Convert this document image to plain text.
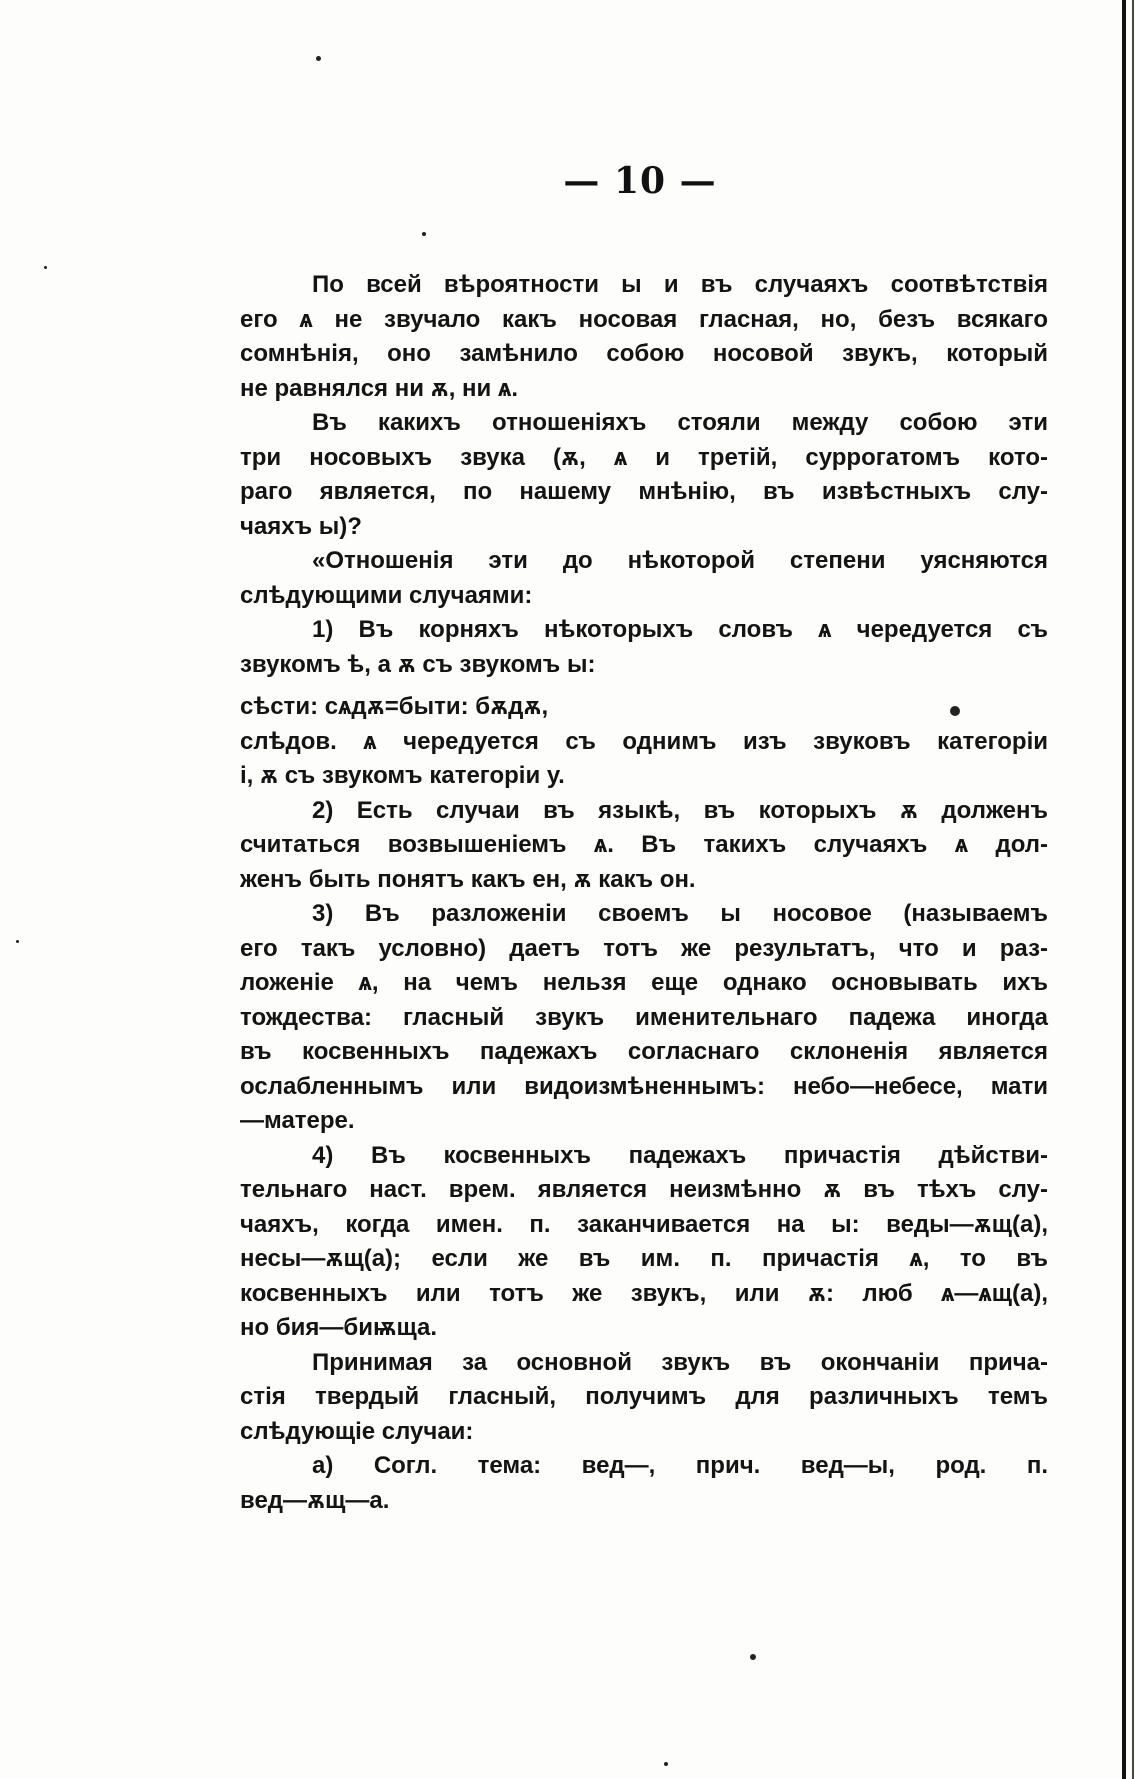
— 10 —
По всей вѣроятности ы и въ случаяхъ соотвѣтствія
его ѧ не звучало какъ носовая гласная, но, безъ всякаго
сомнѣнія, оно замѣнило собою носовой звукъ, который
не равнялся ни ѫ, ни ѧ.
Въ какихъ отношеніяхъ стояли между собою эти
три носовыхъ звука (ѫ, ѧ и третій, суррогатомъ кото-
раго является, по нашему мнѣнію, въ извѣстныхъ слу-
чаяхъ ы)?
«Отношенія эти до нѣкоторой степени уясняются
слѣдующими случаями:
1) Въ корняхъ нѣкоторыхъ словъ ѧ чередуется съ
звукомъ ѣ, а ѫ съ звукомъ ы:
сѣсти: сѧдѫ=быти: бѫдѫ,
слѣдов. ѧ чередуется съ однимъ изъ звуковъ категоріи
і, ѫ съ звукомъ категоріи у.
2) Есть случаи въ языкѣ, въ которыхъ ѫ долженъ
считаться возвышеніемъ ѧ. Въ такихъ случаяхъ ѧ дол-
женъ быть понятъ какъ ен, ѫ какъ он.
3) Въ разложеніи своемъ ы носовое (называемъ
его такъ условно) даетъ тотъ же результатъ, что и раз-
ложеніе ѧ, на чемъ нельзя еще однако основывать ихъ
тождества: гласный звукъ именительнаго падежа иногда
въ косвенныхъ падежахъ согласнаго склоненія является
ослабленнымъ или видоизмѣненнымъ: небо—небесе, мати
—матере.
4) Въ косвенныхъ падежахъ причастія дѣйстви-
тельнаго наст. врем. является неизмѣнно ѫ въ тѣхъ слу-
чаяхъ, когда имен. п. заканчивается на ы: веды—ѫщ(а),
несы—ѫщ(а); если же въ им. п. причастія ѧ, то въ
косвенныхъ или тотъ же звукъ, или ѫ: люб ѧ—ѧщ(а),
но бия—биѭща.
Принимая за основной звукъ въ окончаніи прича-
стія твердый гласный, получимъ для различныхъ темъ
слѣдующіе случаи:
а) Согл. тема: вед—, прич. вед—ы, род. п.
вед—ѫщ—а.
